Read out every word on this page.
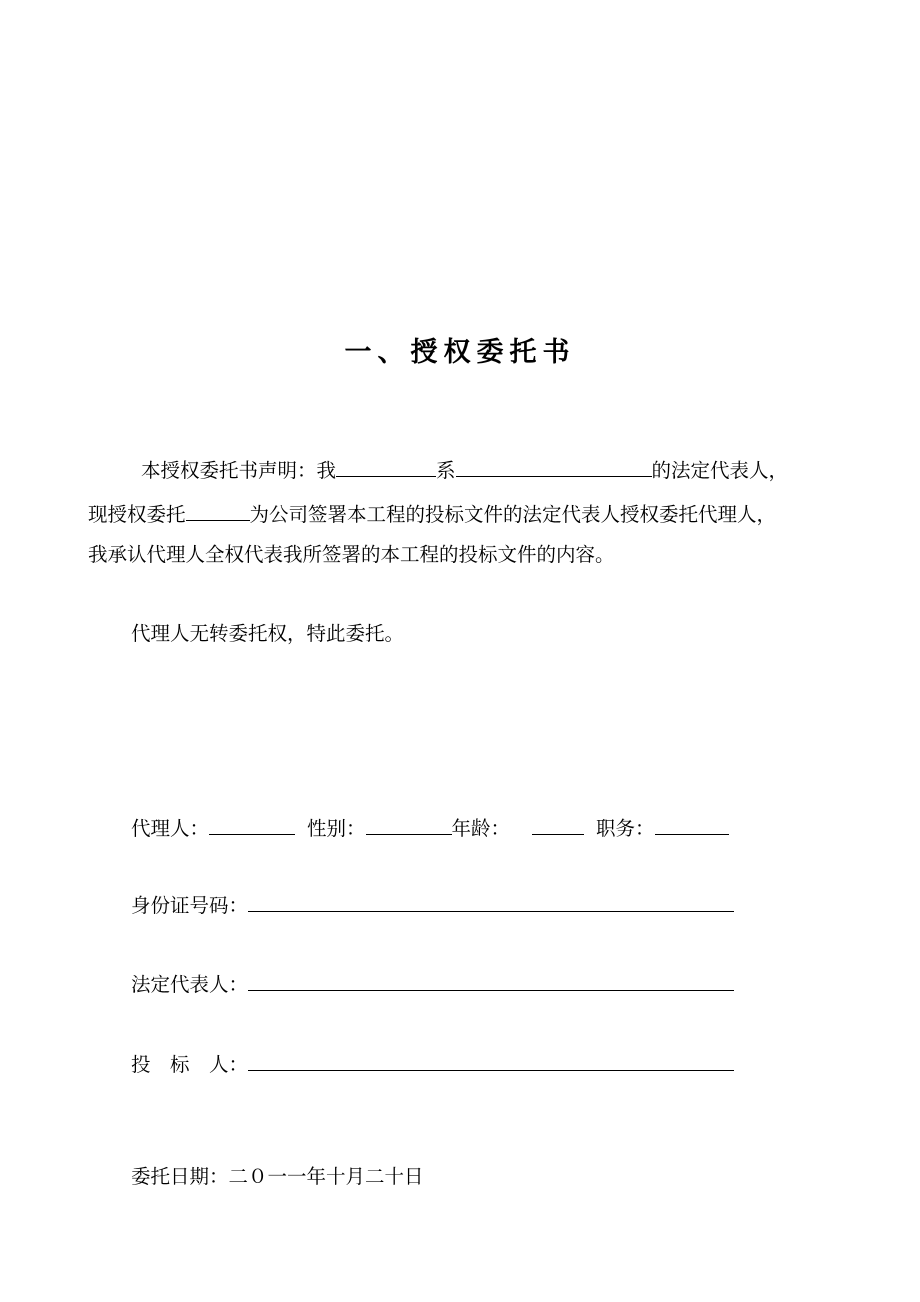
一、授权委托书
本授权委托书声明：我	系	的法定代表人，
现授权委托	为公司签署本工程的投标文件的法定代表人授权委托代理人，
我承认代理人全权代表我所签署的本工程的投标文件的内容。
代理人无转委托权，特此委托。
代理人：	性别：	年龄：	职务：
身份证号码：
法定代表人：
投　标　人：
委托日期：二０一一年十月二十日
